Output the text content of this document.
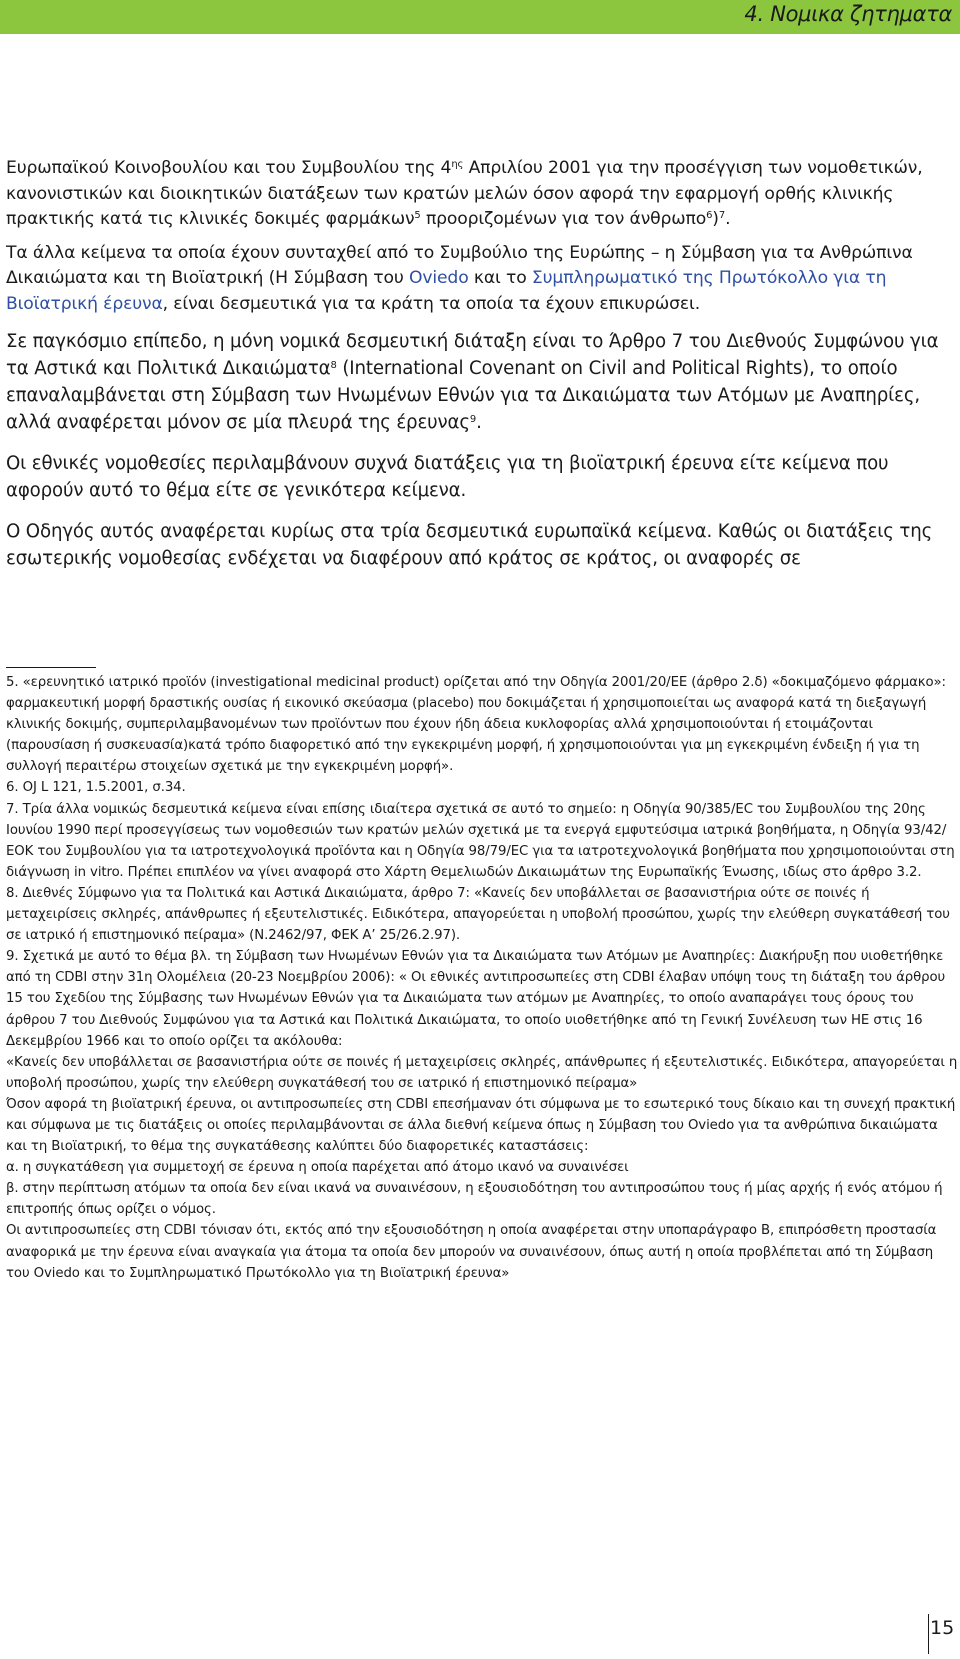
4. Νομικα ζητηματα

Ευρωπαϊκού Κοινοβουλίου και του Συμβουλίου της $4^{\eta\varsigma}$ Απριλίου 2001 για την προσέγγιση των νομοθετικών, κανονιστικών και διοικητικών διατάξεων των κρατών μελών όσον αφορά την εφαρμογή ορθής κλινικής πρακτικής κατά τις κλινικές δοκιμές φαρμάκων$^5$ προοριζομένων για τον άνθρωπο$^6$)$^7$.

Τα άλλα κείμενα τα οποία έχουν συνταχθεί από το Συμβούλιο της Ευρώπης – η Σύμβαση για τα Ανθρώπινα Δικαιώματα και τη Βιοϊατρική (Η Σύμβαση του Oviedo και το Συμπληρωματικό της Πρωτόκολλο για τη Βιοϊατρική έρευνα, είναι δεσμευτικά για τα κράτη τα οποία τα έχουν επικυρώσει.

Σε παγκόσμιο επίπεδο, η μόνη νομικά δεσμευτική διάταξη είναι το Άρθρο 7 του Διεθνούς Συμφώνου για τα Αστικά και Πολιτικά Δικαιώματα$^8$ (International Covenant on Civil and Political Rights), το οποίο επαναλαμβάνεται στη Σύμβαση των Ηνωμένων Εθνών για τα Δικαιώματα των Ατόμων με Αναπηρίες, αλλά αναφέρεται μόνον σε μία πλευρά της έρευνας$^9$.

Οι εθνικές νομοθεσίες περιλαμβάνουν συχνά διατάξεις για τη βιοϊατρική έρευνα είτε κείμενα που αφορούν αυτό το θέμα είτε σε γενικότερα κείμενα.

Ο Οδηγός αυτός αναφέρεται κυρίως στα τρία δεσμευτικά ευρωπαϊκά κείμενα. Καθώς οι διατάξεις της εσωτερικής νομοθεσίας ενδέχεται να διαφέρουν από κράτος σε κράτος, οι αναφορές σε

5. «ερευνητικό ιατρικό προϊόν (investigational medicinal product) ορίζεται από την Οδηγία 2001/20/ΕΕ (άρθρο 2.δ) «δοκιμαζόμενο φάρμακο»: φαρμακευτική μορφή δραστικής ουσίας ή εικονικό σκεύασμα (placebo) που δοκιμάζεται ή χρησιμοποιείται ως αναφορά κατά τη διεξαγωγή κλινικής δοκιμής, συμπεριλαμβανομένων των προϊόντων που έχουν ήδη άδεια κυκλοφορίας αλλά χρησιμοποιούνται ή ετοιμάζονται (παρουσίαση ή συσκευασία)κατά τρόπο διαφορετικό από την εγκεκριμένη μορφή, ή χρησιμοποιούνται για μη εγκεκριμένη ένδειξη ή για τη συλλογή περαιτέρω στοιχείων σχετικά με την εγκεκριμένη μορφή».
6. OJ L 121, 1.5.2001, σ.34.
7. Τρία άλλα νομικώς δεσμευτικά κείμενα είναι επίσης ιδιαίτερα σχετικά σε αυτό το σημείο: η Οδηγία 90/385/EC του Συμβουλίου της 20ης Ιουνίου 1990 περί προσεγγίσεως των νομοθεσιών των κρατών μελών σχετικά με τα ενεργά εμφυτεύσιμα ιατρικά βοηθήματα, η Οδηγία 93/42/ΕΟΚ του Συμβουλίου για τα ιατροτεχνολογικά προϊόντα και η Οδηγία 98/79/EC για τα ιατροτεχνολογικά βοηθήματα που χρησιμοποιούνται στη διάγνωση in vitro. Πρέπει επιπλέον να γίνει αναφορά στο Χάρτη Θεμελιωδών Δικαιωμάτων της Ευρωπαϊκής Ένωσης, ιδίως στο άρθρο 3.2.
8. Διεθνές Σύμφωνο για τα Πολιτικά και Αστικά Δικαιώματα, άρθρο 7: «Κανείς δεν υποβάλλεται σε βασανιστήρια ούτε σε ποινές ή μεταχειρίσεις σκληρές, απάνθρωπες ή εξευτελιστικές. Ειδικότερα, απαγορεύεται η υποβολή προσώπου, χωρίς την ελεύθερη συγκατάθεσή του σε ιατρικό ή επιστημονικό πείραμα» (Ν.2462/97, ΦΕΚ Α’ 25/26.2.97).
9. Σχετικά με αυτό το θέμα βλ. τη Σύμβαση των Ηνωμένων Εθνών για τα Δικαιώματα των Ατόμων με Αναπηρίες: Διακήρυξη που υιοθετήθηκε από τη CDBI στην 31η Ολομέλεια (20-23 Νοεμβρίου 2006): « Οι εθνικές αντιπροσωπείες στη CDBI έλαβαν υπόψη τους τη διάταξη του άρθρου 15 του Σχεδίου της Σύμβασης των Ηνωμένων Εθνών για τα Δικαιώματα των ατόμων με Αναπηρίες, το οποίο αναπαράγει τους όρους του άρθρου 7 του Διεθνούς Συμφώνου για τα Αστικά και Πολιτικά Δικαιώματα, το οποίο υιοθετήθηκε από τη Γενική Συνέλευση των ΗΕ στις 16 Δεκεμβρίου 1966 και το οποίο ορίζει τα ακόλουθα:
«Κανείς δεν υποβάλλεται σε βασανιστήρια ούτε σε ποινές ή μεταχειρίσεις σκληρές, απάνθρωπες ή εξευτελιστικές. Ειδικότερα, απαγορεύεται η υποβολή προσώπου, χωρίς την ελεύθερη συγκατάθεσή του σε ιατρικό ή επιστημονικό πείραμα»
Όσον αφορά τη βιοϊατρική έρευνα, οι αντιπροσωπείες στη CDBI επεσήμαναν ότι σύμφωνα με το εσωτερικό τους δίκαιο και τη συνεχή πρακτική και σύμφωνα με τις διατάξεις οι οποίες περιλαμβάνονται σε άλλα διεθνή κείμενα όπως η Σύμβαση του Oviedo για τα ανθρώπινα δικαιώματα και τη Βιοϊατρική, το θέμα της συγκατάθεσης καλύπτει δύο διαφορετικές καταστάσεις:
α. η συγκατάθεση για συμμετοχή σε έρευνα η οποία παρέχεται από άτομο ικανό να συναινέσει
β. στην περίπτωση ατόμων τα οποία δεν είναι ικανά να συναινέσουν, η εξουσιοδότηση του αντιπροσώπου τους ή μίας αρχής ή ενός ατόμου ή επιτροπής όπως ορίζει ο νόμος.
Οι αντιπροσωπείες στη CDBI τόνισαν ότι, εκτός από την εξουσιοδότηση η οποία αναφέρεται στην υποπαράγραφο Β, επιπρόσθετη προστασία αναφορικά με την έρευνα είναι αναγκαία για άτομα τα οποία δεν μπορούν να συναινέσουν, όπως αυτή η οποία προβλέπεται από τη Σύμβαση του Oviedo και το Συμπληρωματικό Πρωτόκολλο για τη Βιοϊατρική έρευνα»
15
